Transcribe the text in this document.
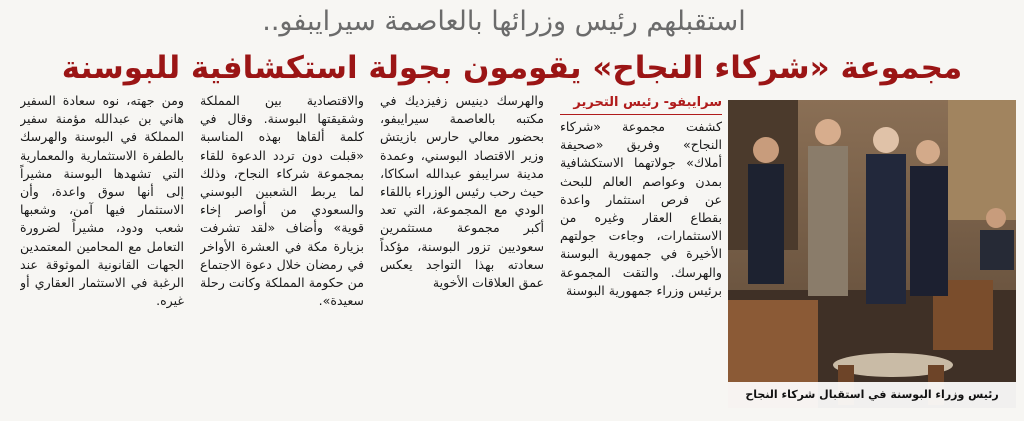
استقبلهم رئيس وزرائها بالعاصمة سيرايبفو..
مجموعة «شركاء النجاح» يقومون بجولة استكشافية للبوسنة
سرايبفو- رئيس التحرير

كشفت مجموعة «شركاء النجاح» وفريق «صحيفة أملاك» جولاتهما الاستكشافية بمدن وعواصم العالم للبحث عن فرص استثمار واعدة بقطاع العقار وغيره من الاستثمارات، وجاءت جولتهم الأخيرة في جمهورية البوسنة والهرسك. والتقت المجموعة برئيس وزراء جمهورية البوسنة

والهرسك دينيس زفيزديك في مكتبه بالعاصمة سيرايبفو، بحضور معالي حارس بازيتش وزير الاقتصاد البوسني، وعمدة مدينة سرايبفو عبدالله اسكاكا، حيث رحب رئيس الوزراء باللقاء الودي مع المجموعة، التي تعد أكبر مجموعة مستثمرين سعوديين تزور البوسنة، مؤكداً سعادته بهذا التواجد يعكس عمق العلاقات الأخوية

والاقتصادية بين المملكة وشقيقتها البوسنة. وقال في كلمة ألقاها بهذه المناسبة «قبلت دون تردد الدعوة للقاء بمجموعة شركاء النجاح، وذلك لما يربط الشعبين البوسني والسعودي من أواصر إخاء قوية» وأضاف «لقد تشرفت بزيارة مكة في العشرة الأواخر في رمضان خلال دعوة الاجتماع من حكومة المملكة وكانت رحلة سعيدة».

ومن جهته، نوه سعادة السفير هاني بن عبدالله مؤمنة سفير المملكة في البوسنة والهرسك بالطفرة الاستثمارية والمعمارية التي تشهدها البوسنة مشيراً إلى أنها سوق واعدة، وأن الاستثمار فيها آمن، وشعبها شعب ودود، مشيراً لضرورة التعامل مع المحامين المعتمدين الجهات القانونية الموثوقة عند الرغبة في الاستثمار العقاري أو غيره.

رئيس وزراء البوسنة في استقبال شركاء النجاح
